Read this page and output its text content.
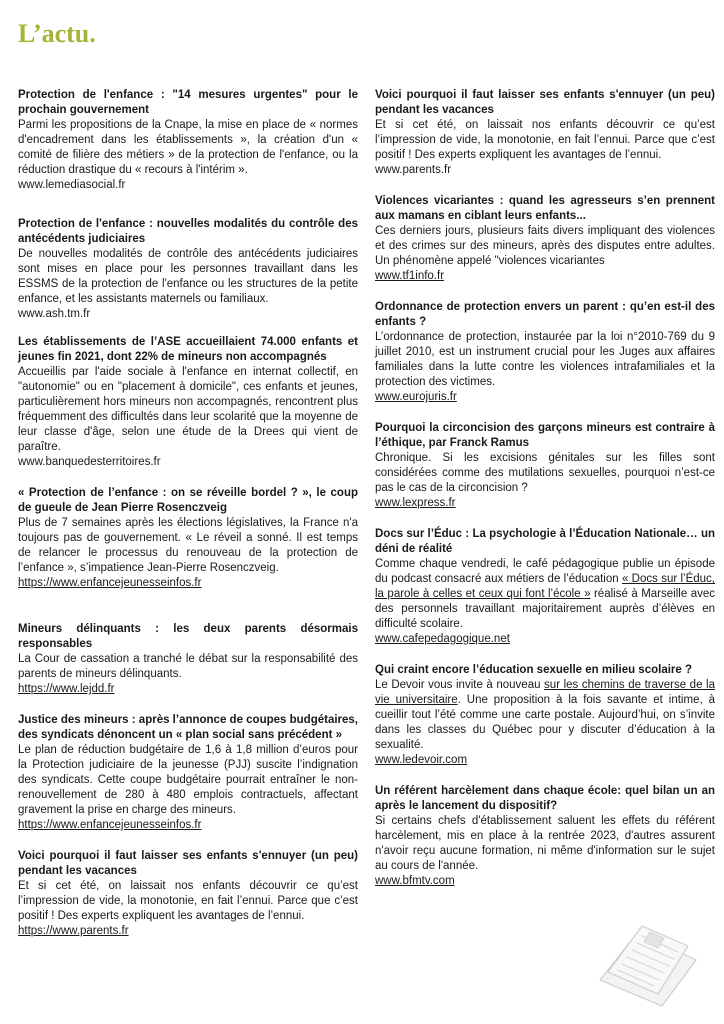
L’actu.

Protection de l'enfance : "14 mesures urgentes" pour le prochain gouvernement

Parmi les propositions de la Cnape, la mise en place de « normes d'encadrement dans les établissements », la création d'un « comité de filière des métiers » de la protection de l'enfance, ou la réduction drastique du « recours à l'intérim ».

www.lemediasocial.fr

Protection de l'enfance : nouvelles modalités du contrôle des antécédents judiciaires

De nouvelles modalités de contrôle des antécédents judiciaires sont mises en place pour les personnes travaillant dans les ESSMS de la protection de l'enfance ou les structures de la petite enfance, et les assistants maternels ou familiaux.

www.ash.tm.fr

Les établissements de l’ASE accueillaient 74.000 enfants et jeunes fin 2021, dont 22% de mineurs non accompagnés

Accueillis par l'aide sociale à l'enfance en internat collectif, en "autonomie" ou en "placement à domicile", ces enfants et jeunes, particulièrement hors mineurs non accompagnés, rencontrent plus fréquemment des difficultés dans leur scolarité que la moyenne de leur classe d'âge, selon une étude de la Drees qui vient de paraître.

www.banquedesterritoires.fr

« Protection de l’enfance : on se réveille bordel ? », le coup de gueule de Jean Pierre Rosenczveig

Plus de 7 semaines après les élections législatives, la France n'a toujours pas de gouvernement. « Le réveil a sonné. Il est temps de relancer le processus du renouveau de la protection de l’enfance », s’impatience Jean-Pierre Rosenczveig.

https://www.enfancejeunesseinfos.fr

Mineurs délinquants : les deux parents désormais responsables

La Cour de cassation a tranché le débat sur la responsabilité des parents de mineurs délinquants.

https://www.lejdd.fr

Justice des mineurs : après l’annonce de coupes budgétaires, des syndicats dénoncent un « plan social sans précédent »

Le plan de réduction budgétaire de 1,6 à 1,8 million d’euros pour la Protection judiciaire de la jeunesse (PJJ) suscite l’indignation des syndicats. Cette coupe budgétaire pourrait entraîner le non-renouvellement de 280 à 480 emplois contractuels, affectant gravement la prise en charge des mineurs.

https://www.enfancejeunesseinfos.fr

Voici pourquoi il faut laisser ses enfants s'ennuyer (un peu) pendant les vacances

Et si cet été, on laissait nos enfants découvrir ce qu’est l’impression de vide, la monotonie, en fait l’ennui. Parce que c’est positif ! Des experts expliquent les avantages de l’ennui.

https://www.parents.fr

Voici pourquoi il faut laisser ses enfants s'ennuyer (un peu) pendant les vacances

Et si cet été, on laissait nos enfants découvrir ce qu’est l’impression de vide, la monotonie, en fait l’ennui. Parce que c’est positif ! Des experts expliquent les avantages de l’ennui.

www.parents.fr

Violences vicariantes : quand les agresseurs s’en prennent aux mamans en ciblant leurs enfants...

Ces derniers jours, plusieurs faits divers impliquant des violences et des crimes sur des mineurs, après des disputes entre adultes. Un phénomène appelé "violences vicariantes

www.tf1info.fr

Ordonnance de protection envers un parent : qu’en est-il des enfants ?

L’ordonnance de protection, instaurée par la loi n°2010-769 du 9 juillet 2010, est un instrument crucial pour les Juges aux affaires familiales dans la lutte contre les violences intrafamiliales et la protection des victimes.

www.eurojuris.fr

Pourquoi la circoncision des garçons mineurs est contraire à l’éthique, par Franck Ramus

Chronique. Si les excisions génitales sur les filles sont considérées comme des mutilations sexuelles, pourquoi n’est-ce pas le cas de la circoncision ?

www.lexpress.fr

Docs sur l’Éduc : La psychologie à l’Éducation Nationale… un déni de réalité

Comme chaque vendredi, le café pédagogique publie un épisode du podcast consacré aux métiers de l’éducation « Docs sur l’Éduc, la parole à celles et ceux qui font l’école » réalisé à Marseille avec des personnels travaillant majoritairement auprès d’élèves en difficulté scolaire.

www.cafepedagogique.net

Qui craint encore l’éducation sexuelle en milieu scolaire ?

Le Devoir vous invite à nouveau sur les chemins de traverse de la vie universitaire. Une proposition à la fois savante et intime, à cueillir tout l’été comme une carte postale. Aujourd’hui, on s’invite dans les classes du Québec pour y discuter d’éducation à la sexualité.

www.ledevoir.com

Un référent harcèlement dans chaque école: quel bilan un an après le lancement du dispositif?

Si certains chefs d'établissement saluent les effets du référent harcèlement, mis en place à la rentrée 2023, d'autres assurent n'avoir reçu aucune formation, ni même d'information sur le sujet au cours de l'année.

www.bfmtv.com
